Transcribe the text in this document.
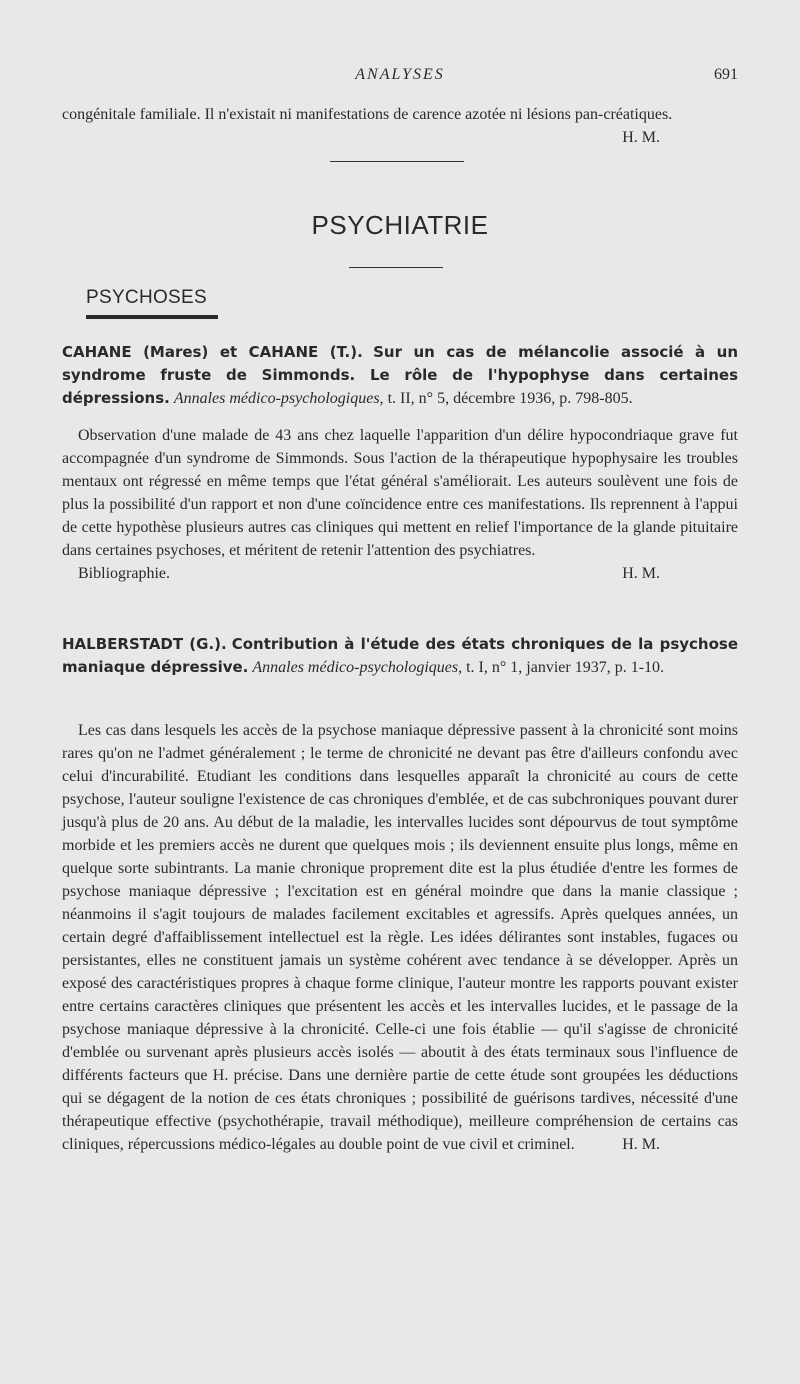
ANALYSES	691

congénitale familiale. Il n'existait ni manifestations de carence azotée ni lésions pan-créatiques.
H. M.

PSYCHIATRIE
PSYCHOSES

CAHANE (Mares) et CAHANE (T.). Sur un cas de mélancolie associé à un syndrome fruste de Simmonds. Le rôle de l'hypophyse dans certaines dépressions. Annales médico-psychologiques, t. II, n° 5, décembre 1936, p. 798-805.

Observation d'une malade de 43 ans chez laquelle l'apparition d'un délire hypocondriaque grave fut accompagnée d'un syndrome de Simmonds. Sous l'action de la thérapeutique hypophysaire les troubles mentaux ont régressé en même temps que l'état général s'améliorait. Les auteurs soulèvent une fois de plus la possibilité d'un rapport et non d'une coïncidence entre ces manifestations. Ils reprennent à l'appui de cette hypothèse plusieurs autres cas cliniques qui mettent en relief l'importance de la glande pituitaire dans certaines psychoses, et méritent de retenir l'attention des psychiatres.
Bibliographie.	H. M.

HALBERSTADT (G.). Contribution à l'étude des états chroniques de la psychose maniaque dépressive. Annales médico-psychologiques, t. I, n° 1, janvier 1937, p. 1-10.

Les cas dans lesquels les accès de la psychose maniaque dépressive passent à la chronicité sont moins rares qu'on ne l'admet généralement ; le terme de chronicité ne devant pas être d'ailleurs confondu avec celui d'incurabilité. Etudiant les conditions dans lesquelles apparaît la chronicité au cours de cette psychose, l'auteur souligne l'existence de cas chroniques d'emblée, et de cas subchroniques pouvant durer jusqu'à plus de 20 ans. Au début de la maladie, les intervalles lucides sont dépourvus de tout symptôme morbide et les premiers accès ne durent que quelques mois ; ils deviennent ensuite plus longs, même en quelque sorte subintrants. La manie chronique proprement dite est la plus étudiée d'entre les formes de psychose maniaque dépressive ; l'excitation est en général moindre que dans la manie classique ; néanmoins il s'agit toujours de malades facilement excitables et agressifs. Après quelques années, un certain degré d'affaiblissement intellectuel est la règle. Les idées délirantes sont instables, fugaces ou persistantes, elles ne constituent jamais un système cohérent avec tendance à se développer. Après un exposé des caractéristiques propres à chaque forme clinique, l'auteur montre les rapports pouvant exister entre certains caractères cliniques que présentent les accès et les intervalles lucides, et le passage de la psychose maniaque dépressive à la chronicité. Celle-ci une fois établie — qu'il s'agisse de chronicité d'emblée ou survenant après plusieurs accès isolés — aboutit à des états terminaux sous l'influence de différents facteurs que H. précise. Dans une dernière partie de cette étude sont groupées les déductions qui se dégagent de la notion de ces états chroniques ; possibilité de guérisons tardives, nécessité d'une thérapeutique effective (psychothérapie, travail méthodique), meilleure compréhension de certains cas cliniques, répercussions médico-légales au double point de vue civil et criminel.	H. M.
